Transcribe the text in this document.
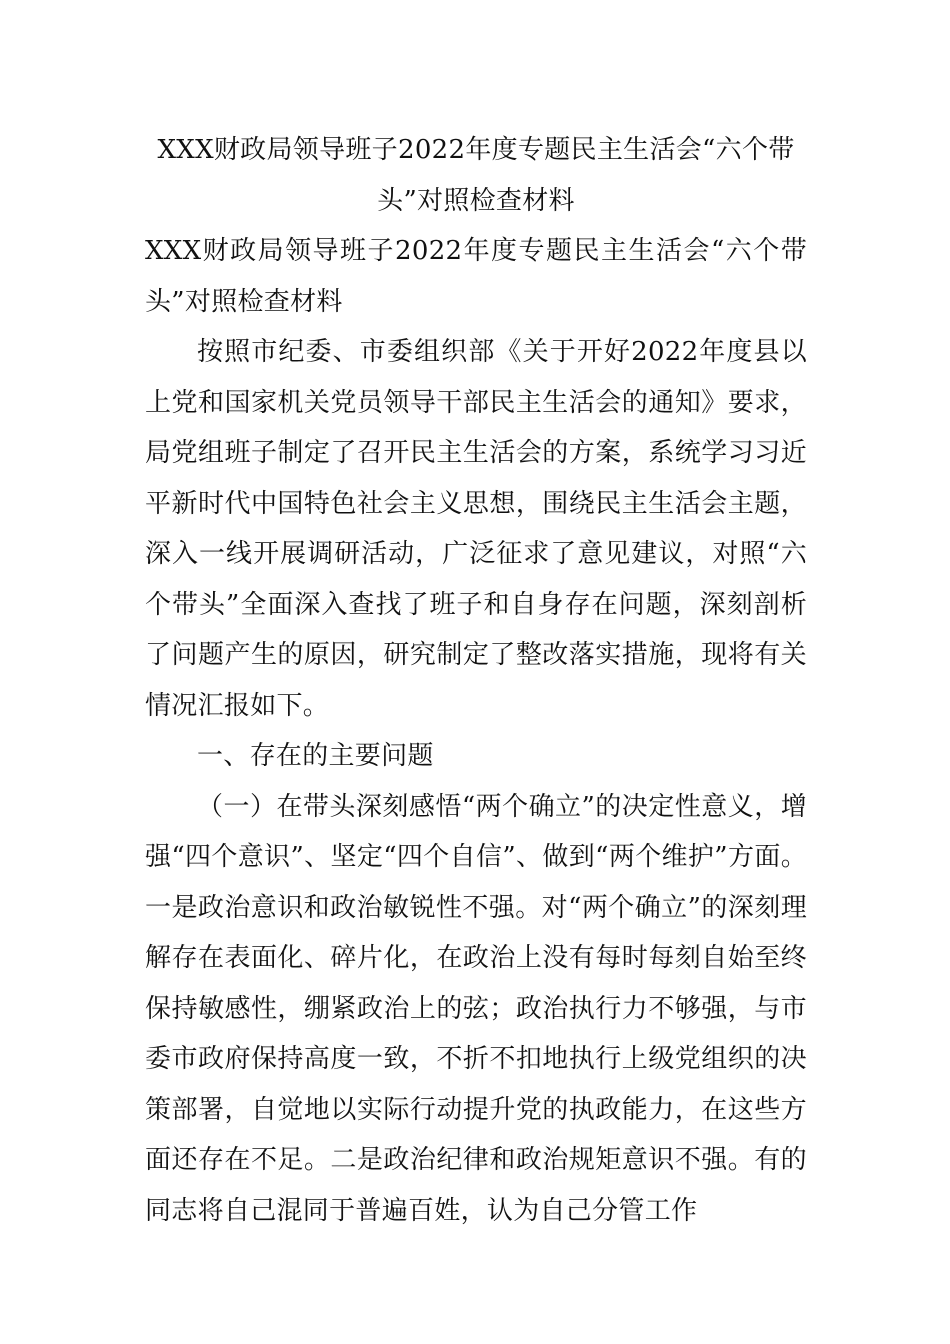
XXX财政局领导班子2022年度专题民主生活会“六个带头”对照检查材料

XXX财政局领导班子2022年度专题民主生活会“六个带头”对照检查材料

按照市纪委、市委组织部《关于开好2022年度县以上党和国家机关党员领导干部民主生活会的通知》要求，局党组班子制定了召开民主生活会的方案，系统学习习近平新时代中国特色社会主义思想，围绕民主生活会主题，深入一线开展调研活动，广泛征求了意见建议，对照“六个带头”全面深入查找了班子和自身存在问题，深刻剖析了问题产生的原因，研究制定了整改落实措施，现将有关情况汇报如下。

一、存在的主要问题

（一）在带头深刻感悟“两个确立”的决定性意义，增强“四个意识”、坚定“四个自信”、做到“两个维护”方面。一是政治意识和政治敏锐性不强。对“两个确立”的深刻理解存在表面化、碎片化，在政治上没有每时每刻自始至终保持敏感性，绷紧政治上的弦；政治执行力不够强，与市委市政府保持高度一致，不折不扣地执行上级党组织的决策部署，自觉地以实际行动提升党的执政能力，在这些方面还存在不足。二是政治纪律和政治规矩意识不强。有的同志将自己混同于普遍百姓，认为自己分管工作
